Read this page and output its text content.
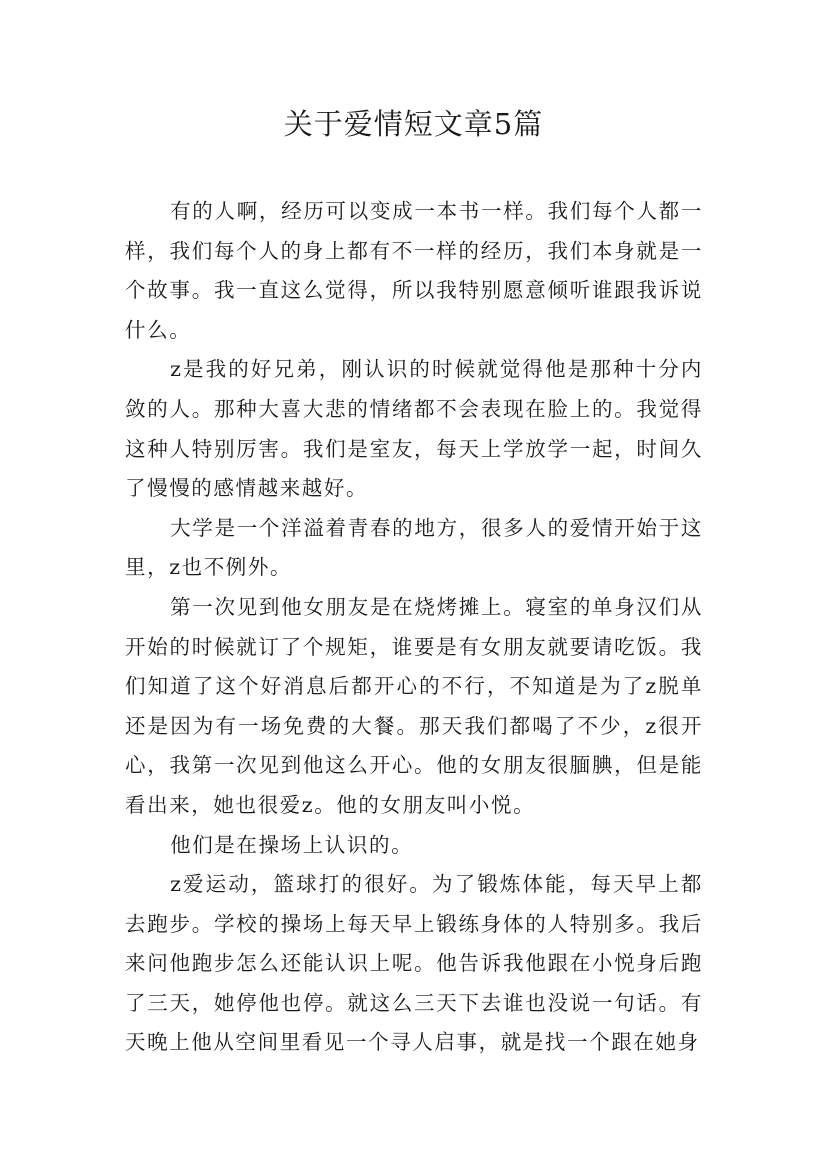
关于爱情短文章5篇

有的人啊，经历可以变成一本书一样。我们每个人都一样，我们每个人的身上都有不一样的经历，我们本身就是一个故事。我一直这么觉得，所以我特别愿意倾听谁跟我诉说什么。

z是我的好兄弟，刚认识的时候就觉得他是那种十分内敛的人。那种大喜大悲的情绪都不会表现在脸上的。我觉得这种人特别厉害。我们是室友，每天上学放学一起，时间久了慢慢的感情越来越好。

大学是一个洋溢着青春的地方，很多人的爱情开始于这里，z也不例外。

第一次见到他女朋友是在烧烤摊上。寝室的单身汉们从开始的时候就订了个规矩，谁要是有女朋友就要请吃饭。我们知道了这个好消息后都开心的不行，不知道是为了z脱单还是因为有一场免费的大餐。那天我们都喝了不少，z很开心，我第一次见到他这么开心。他的女朋友很腼腆，但是能看出来，她也很爱z。他的女朋友叫小悦。

他们是在操场上认识的。

z爱运动，篮球打的很好。为了锻炼体能，每天早上都去跑步。学校的操场上每天早上锻练身体的人特别多。我后来问他跑步怎么还能认识上呢。他告诉我他跟在小悦身后跑了三天，她停他也停。就这么三天下去谁也没说一句话。有天晚上他从空间里看见一个寻人启事，就是找一个跟在她身
